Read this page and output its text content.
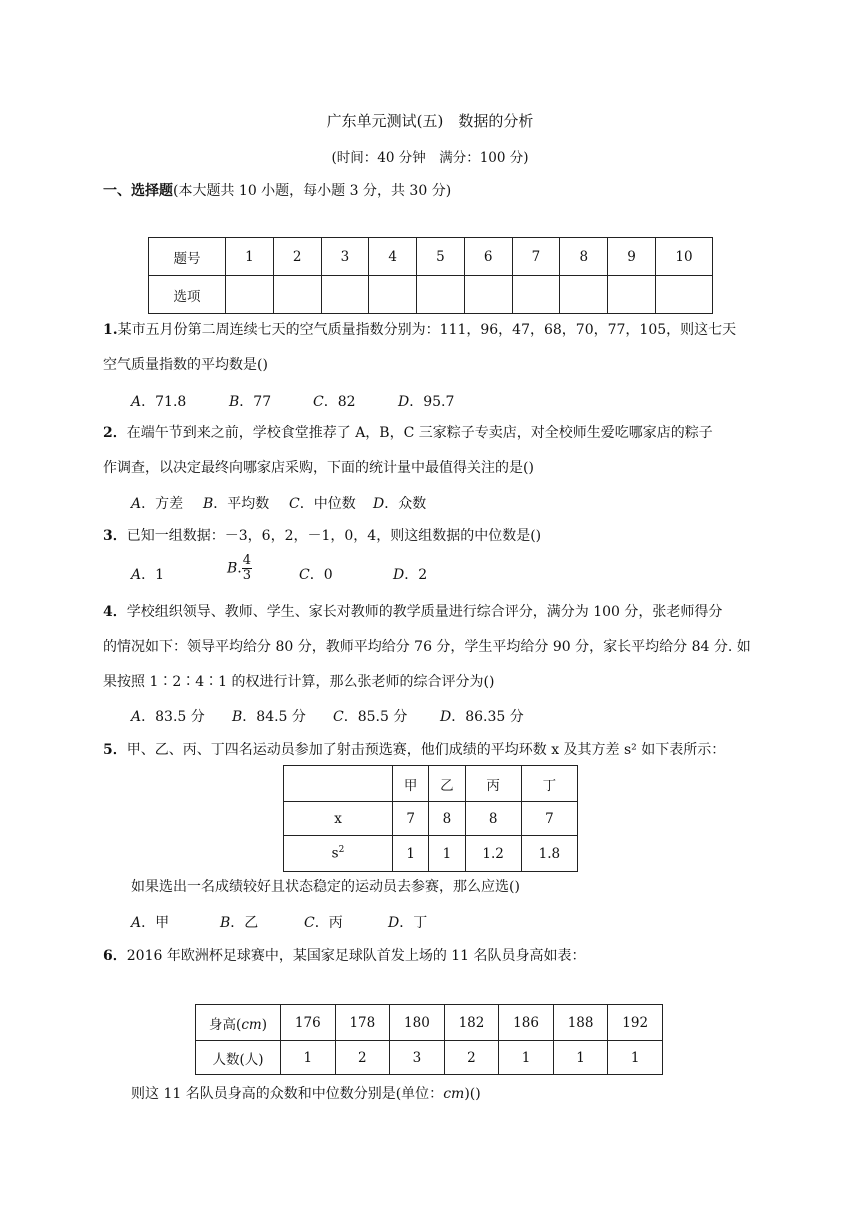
广东单元测试(五)　数据的分析
(时间：40 分钟　满分：100 分)
一、选择题(本大题共 10 小题，每小题 3 分，共 30 分)
题号	1	2	3	4	5	6	7	8	9	10
选项										
1.某市五月份第二周连续七天的空气质量指数分别为：111，96，47，68，70，77，105，则这七天
空气质量指数的平均数是()
A．71.8	B．77	C．82	D．95.7
2．在端午节到来之前，学校食堂推荐了 A，B，C 三家粽子专卖店，对全校师生爱吃哪家店的粽子
作调查，以决定最终向哪家店采购，下面的统计量中最值得关注的是()
A．方差 B．平均数 C．中位数 D．众数
3．已知一组数据：－3，6，2，－1，0，4，则这组数据的中位数是()
A．1	B. $\frac{4}{3}$	C．0	D．2
4．学校组织领导、教师、学生、家长对教师的教学质量进行综合评分，满分为 100 分，张老师得分
的情况如下：领导平均给分 80 分，教师平均给分 76 分，学生平均给分 90 分，家长平均给分 84 分. 如
果按照 1∶2∶4∶1 的权进行计算，那么张老师的综合评分为()
A．83.5 分 B．84.5 分 C．85.5 分 D．86.35 分
5．甲、乙、丙、丁四名运动员参加了射击预选赛，他们成绩的平均环数 x 及其方差 s² 如下表所示：
	甲	乙	丙	丁
x	7	8	8	7
$s^2$	1	1	1.2	1.8
如果选出一名成绩较好且状态稳定的运动员去参赛，那么应选()
A．甲	B．乙	C．丙	D．丁
6．2016 年欧洲杯足球赛中，某国家足球队首发上场的 11 名队员身高如表：
身高(cm)	176	178	180	182	186	188	192
人数(人)	1	2	3	2	1	1	1
则这 11 名队员身高的众数和中位数分别是(单位：cm)()
